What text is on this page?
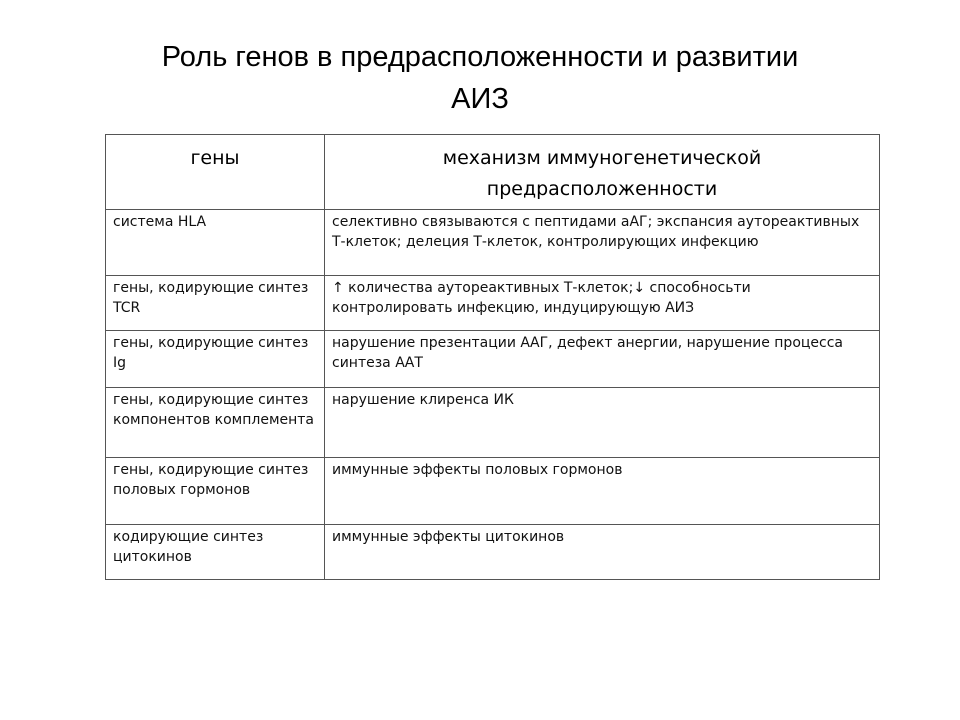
Роль генов в предрасположенности и развитии
АИЗ
гены	механизм иммуногенетической
предрасположенности
система HLA	селективно связываются с пептидами аАГ; экспансия аутореактивных Т-клеток; делеция Т-клеток, контролирующих инфекцию
гены, кодирующие синтез TCR	↑ количества аутореактивных Т-клеток;↓ способносьти контролировать инфекцию, индуцирующую АИЗ
гены, кодирующие синтез Ig	нарушение презентации ААГ, дефект анергии, нарушение процесса синтеза ААТ
гены, кодирующие синтез компонентов комплемента	нарушение клиренса ИК
гены, кодирующие синтез половых гормонов	иммунные эффекты половых гормонов
кодирующие синтез цитокинов	иммунные эффекты цитокинов
